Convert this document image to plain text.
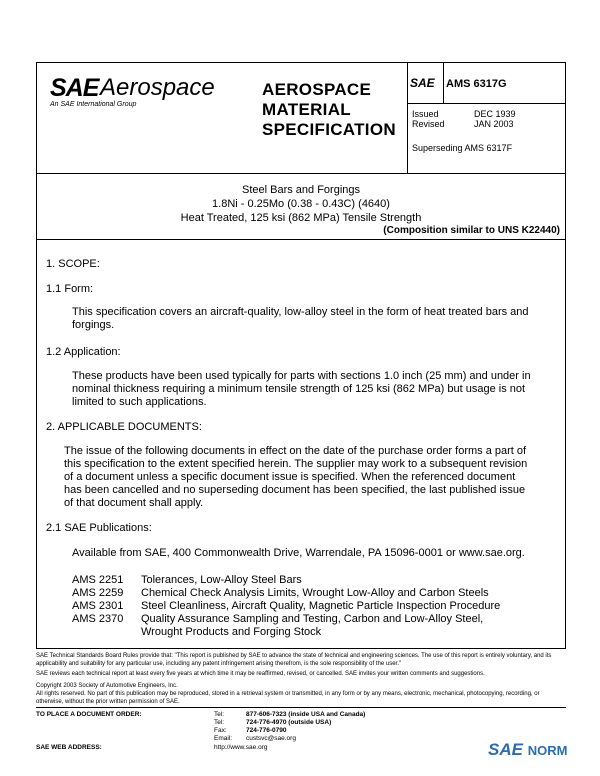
SAE Aerospace
An SAE International Group
AEROSPACE
MATERIAL
SPECIFICATION
SAE AMS 6317G
Issued	DEC 1939
Revised	JAN 2003
Superseding AMS 6317F
Steel Bars and Forgings
1.8Ni - 0.25Mo (0.38 - 0.43C) (4640)
Heat Treated, 125 ksi (862 MPa) Tensile Strength
(Composition similar to UNS K22440)
1. SCOPE:
1.1 Form:
This specification covers an aircraft-quality, low-alloy steel in the form of heat treated bars and forgings.
1.2 Application:
These products have been used typically for parts with sections 1.0 inch (25 mm) and under in nominal thickness requiring a minimum tensile strength of 125 ksi (862 MPa) but usage is not limited to such applications.
2. APPLICABLE DOCUMENTS:
The issue of the following documents in effect on the date of the purchase order forms a part of this specification to the extent specified herein. The supplier may work to a subsequent revision of a document unless a specific document issue is specified. When the referenced document has been cancelled and no superseding document has been specified, the last published issue of that document shall apply.
2.1 SAE Publications:
Available from SAE, 400 Commonwealth Drive, Warrendale, PA 15096-0001 or www.sae.org.
AMS 2251 Tolerances, Low-Alloy Steel Bars
AMS 2259 Chemical Check Analysis Limits, Wrought Low-Alloy and Carbon Steels
AMS 2301 Steel Cleanliness, Aircraft Quality, Magnetic Particle Inspection Procedure
AMS 2370 Quality Assurance Sampling and Testing, Carbon and Low-Alloy Steel, Wrought Products and Forging Stock
SAE Technical Standards Board Rules provide that: "This report is published by SAE to advance the state of technical and engineering sciences. The use of this report is entirely voluntary, and its applicability and suitability for any particular use, including any patent infringement arising therefrom, is the sole responsibility of the user."
SAE reviews each technical report at least every five years at which time it may be reaffirmed, revised, or cancelled. SAE invites your written comments and suggestions.
Copyright 2003 Society of Automotive Engineers, Inc.
All rights reserved. No part of this publication may be reproduced, stored in a retrieval system or transmitted, in any form or by any means, electronic, mechanical, photocopying, recording, or otherwise, without the prior written permission of SAE.
TO PLACE A DOCUMENT ORDER:	Tel:	877-606-7323 (inside USA and Canada)
Tel:	724-776-4970 (outside USA)
Fax:	724-776-0790
Email: custsvc@sae.org
SAE WEB ADDRESS:	http://www.sae.org	SAE NORM
